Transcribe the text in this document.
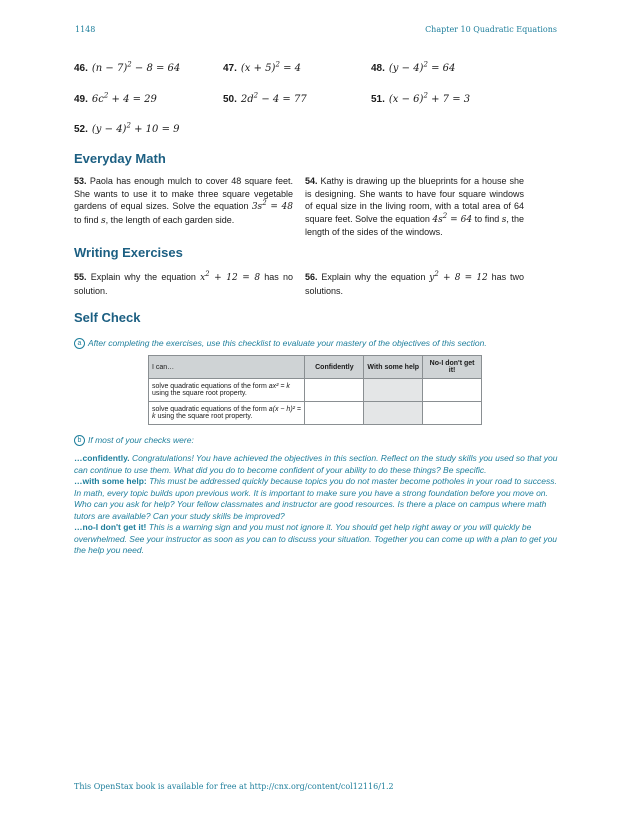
1148	Chapter 10 Quadratic Equations
46. $(n - 7)^2 - 8 = 64$	47. $(x + 5)^2 = 4$	48. $(y - 4)^2 = 64$
49. $6c^2 + 4 = 29$	50. $2d^2 - 4 = 77$	51. $(x - 6)^2 + 7 = 3$
52. $(y - 4)^2 + 10 = 9$
Everyday Math
53. Paola has enough mulch to cover 48 square feet. She wants to use it to make three square vegetable gardens of equal sizes. Solve the equation $3s^2 = 48$ to find s, the length of each garden side.
54. Kathy is drawing up the blueprints for a house she is designing. She wants to have four square windows of equal size in the living room, with a total area of 64 square feet. Solve the equation $4s^2 = 64$ to find s, the length of the sides of the windows.
Writing Exercises
55. Explain why the equation $x^2 + 12 = 8$ has no solution.
56. Explain why the equation $y^2 + 8 = 12$ has two solutions.
Self Check
a After completing the exercises, use this checklist to evaluate your mastery of the objectives of this section.
I can…	Confidently	With some help	No-I don't get it!
solve quadratic equations of the form ax² = k using the square root property.			
solve quadratic equations of the form a(x − h)² = k using the square root property.			
b If most of your checks were:
…confidently. Congratulations! You have achieved the objectives in this section. Reflect on the study skills you used so that you can continue to use them. What did you do to become confident of your ability to do these things? Be specific.
…with some help: This must be addressed quickly because topics you do not master become potholes in your road to success. In math, every topic builds upon previous work. It is important to make sure you have a strong foundation before you move on. Who can you ask for help? Your fellow classmates and instructor are good resources. Is there a place on campus where math tutors are available? Can your study skills be improved?
…no-I don't get it! This is a warning sign and you must not ignore it. You should get help right away or you will quickly be overwhelmed. See your instructor as soon as you can to discuss your situation. Together you can come up with a plan to get you the help you need.
This OpenStax book is available for free at http://cnx.org/content/col12116/1.2
